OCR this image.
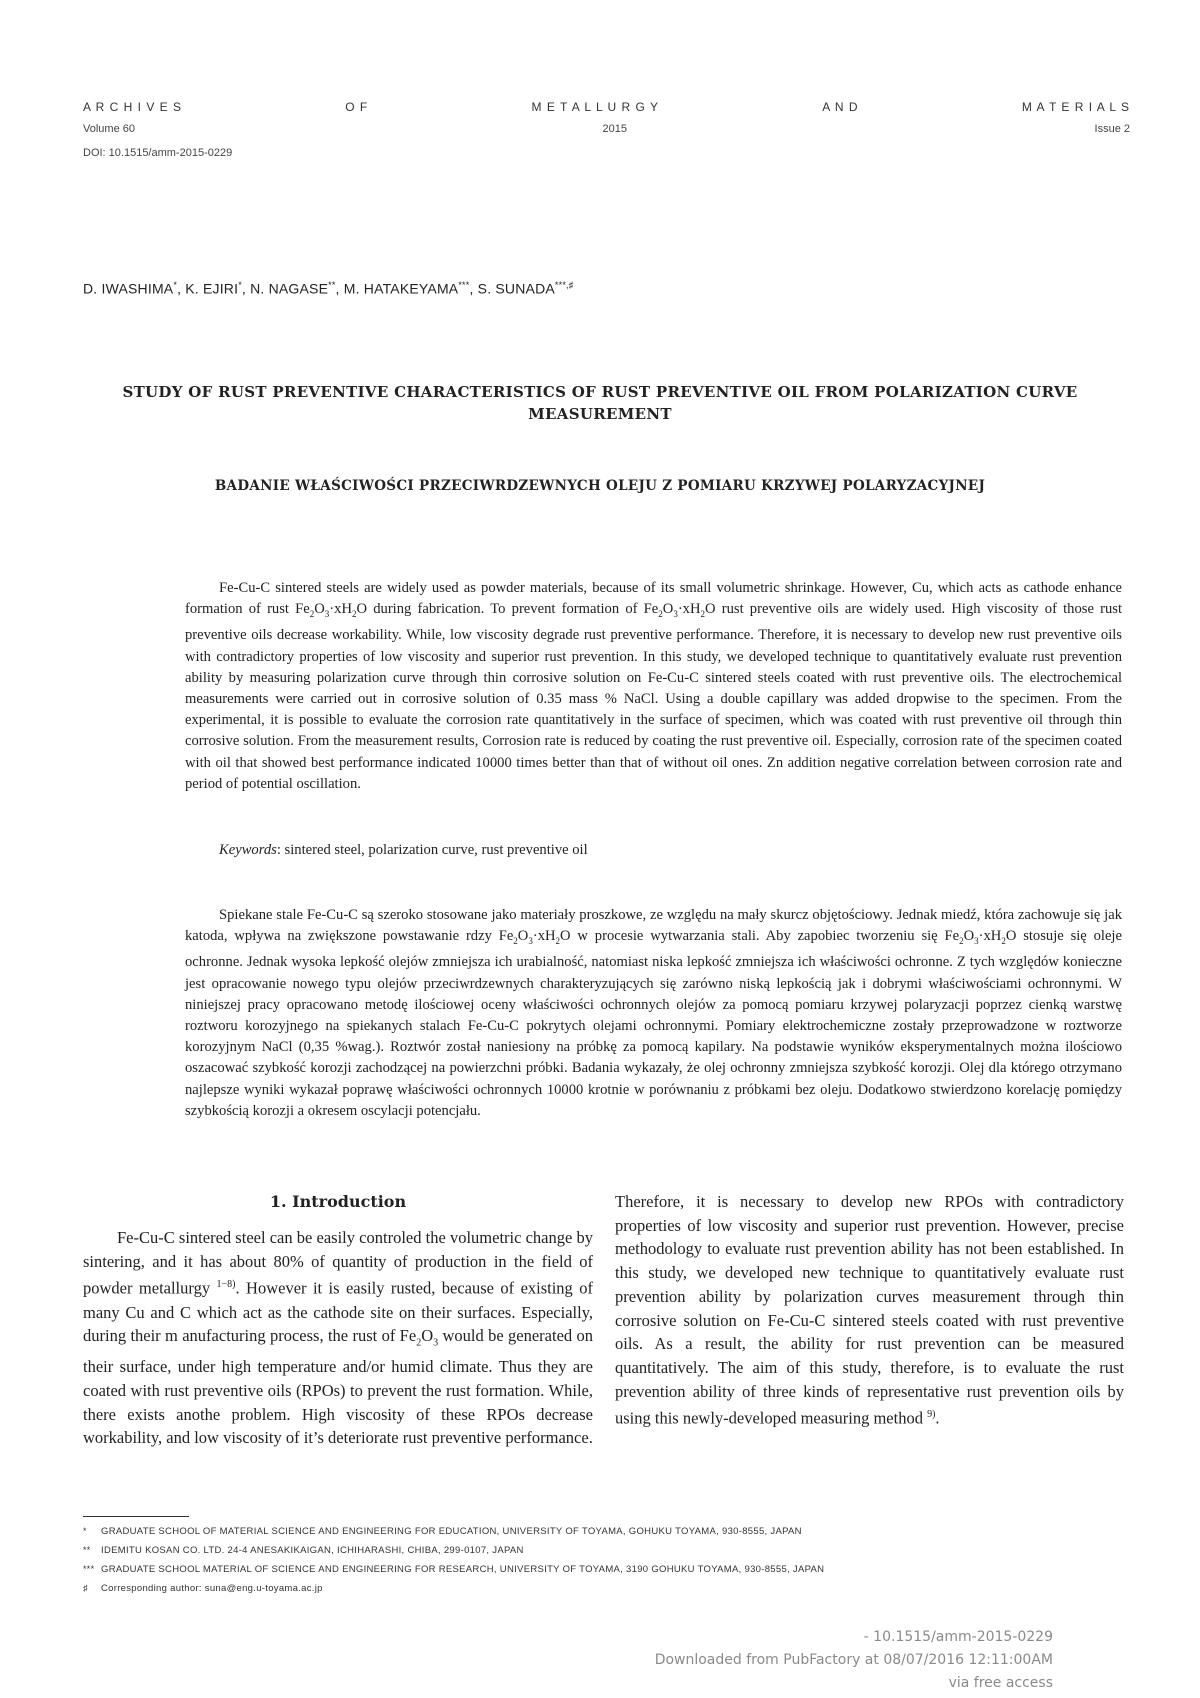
A R C H I V E S	O F	M E T A L L U R G Y	A N D	M A T E R I A L S
Volume 60	2015	Issue 2
DOI: 10.1515/amm-2015-0229
D. IWASHIMA*, K. EJIRI*, N. NAGASE**, M. HATAKEYAMA***, S. SUNADA***,♯
STUDY OF RUST PREVENTIVE CHARACTERISTICS OF RUST PREVENTIVE OIL FROM POLARIZATION CURVE MEASUREMENT
BADANIE WŁAŚCIWOŚCI PRZECIWRDZEWNYCH OLEJU Z POMIARU KRZYWEJ POLARYZACYJNEJ

Fe-Cu-C sintered steels are widely used as powder materials, because of its small volumetric shrinkage. However, Cu, which acts as cathode enhance formation of rust $Fe_2O_3\cdot xH_2O$ during fabrication. To prevent formation of $Fe_2O_3\cdot xH_2O$ rust preventive oils are widely used. High viscosity of those rust preventive oils decrease workability. While, low viscosity degrade rust preventive performance. Therefore, it is necessary to develop new rust preventive oils with contradictory properties of low viscosity and superior rust prevention. In this study, we developed technique to quantitatively evaluate rust prevention ability by measuring polarization curve through thin corrosive solution on Fe-Cu-C sintered steels coated with rust preventive oils. The electrochemical measurements were carried out in corrosive solution of 0.35 mass % NaCl. Using a double capillary was added dropwise to the specimen. From the experimental, it is possible to evaluate the corrosion rate quantitatively in the surface of specimen, which was coated with rust preventive oil through thin corrosive solution. From the measurement results, Corrosion rate is reduced by coating the rust preventive oil. Especially, corrosion rate of the specimen coated with oil that showed best performance indicated 10000 times better than that of without oil ones. Zn addition negative correlation between corrosion rate and period of potential oscillation.

Keywords: sintered steel, polarization curve, rust preventive oil

Spiekane stale Fe-Cu-C są szeroko stosowane jako materiały proszkowe, ze względu na mały skurcz objętościowy. Jednak miedź, która zachowuje się jak katoda, wpływa na zwiększone powstawanie rdzy $Fe_2O_3\cdot xH_2O$ w procesie wytwarzania stali. Aby zapobiec tworzeniu się $Fe_2O_3\cdot xH_2O$ stosuje się oleje ochronne. Jednak wysoka lepkość olejów zmniejsza ich urabialność, natomiast niska lepkość zmniejsza ich właściwości ochronne. Z tych względów konieczne jest opracowanie nowego typu olejów przeciwrdzewnych charakteryzujących się zarówno niską lepkością jak i dobrymi właściwościami ochronnymi. W niniejszej pracy opracowano metodę ilościowej oceny właściwości ochronnych olejów za pomocą pomiaru krzywej polaryzacji poprzez cienką warstwę roztworu korozyjnego na spiekanych stalach Fe-Cu-C pokrytych olejami ochronnymi. Pomiary elektrochemiczne zostały przeprowadzone w roztworze korozyjnym NaCl (0,35 %wag.). Roztwór został naniesiony na próbkę za pomocą kapilary. Na podstawie wyników eksperymentalnych można ilościowo oszacować szybkość korozji zachodzącej na powierzchni próbki. Badania wykazały, że olej ochronny zmniejsza szybkość korozji. Olej dla którego otrzymano najlepsze wyniki wykazał poprawę właściwości ochronnych 10000 krotnie w porównaniu z próbkami bez oleju. Dodatkowo stwierdzono korelację pomiędzy szybkością korozji a okresem oscylacji potencjału.

1. Introduction

Fe-Cu-C sintered steel can be easily controled the volumetric change by sintering, and it has about 80% of quantity of production in the field of powder metallurgy $^{1-8)}$. However it is easily rusted, because of existing of many Cu and C which act as the cathode site on their surfaces. Especially, during their m anufacturing process, the rust of $Fe_2O_3$ would be generated on their surface, under high temperature and/or humid climate. Thus they are coated with rust preventive oils (RPOs) to prevent the rust formation. While, there exists anothe problem. High viscosity of these RPOs decrease workability, and low viscosity of it’s deteriorate rust preventive performance.

Therefore, it is necessary to develop new RPOs with contradictory properties of low viscosity and superior rust prevention. However, precise methodology to evaluate rust prevention ability has not been established. In this study, we developed new technique to quantitatively evaluate rust prevention ability by polarization curves measurement through thin corrosive solution on Fe-Cu-C sintered steels coated with rust preventive oils. As a result, the ability for rust prevention can be measured quantitatively. The aim of this study, therefore, is to evaluate the rust prevention ability of three kinds of representative rust prevention oils by using this newly-developed measuring method $^{9)}$.

* GRADUATE SCHOOL OF MATERIAL SCIENCE AND ENGINEERING FOR EDUCATION, UNIVERSITY OF TOYAMA, GOHUKU TOYAMA, 930-8555, JAPAN
** IDEMITU KOSAN CO. LTD. 24-4 ANESAKIKAIGAN, ICHIHARASHI, CHIBA, 299-0107, JAPAN
*** GRADUATE SCHOOL MATERIAL OF SCIENCE AND ENGINEERING FOR RESEARCH, UNIVERSITY OF TOYAMA, 3190 GOHUKU TOYAMA, 930-8555, JAPAN
♯ Corresponding author: suna@eng.u-toyama.ac.jp
- 10.1515/amm-2015-0229
Downloaded from PubFactory at 08/07/2016 12:11:00AM
via free access
